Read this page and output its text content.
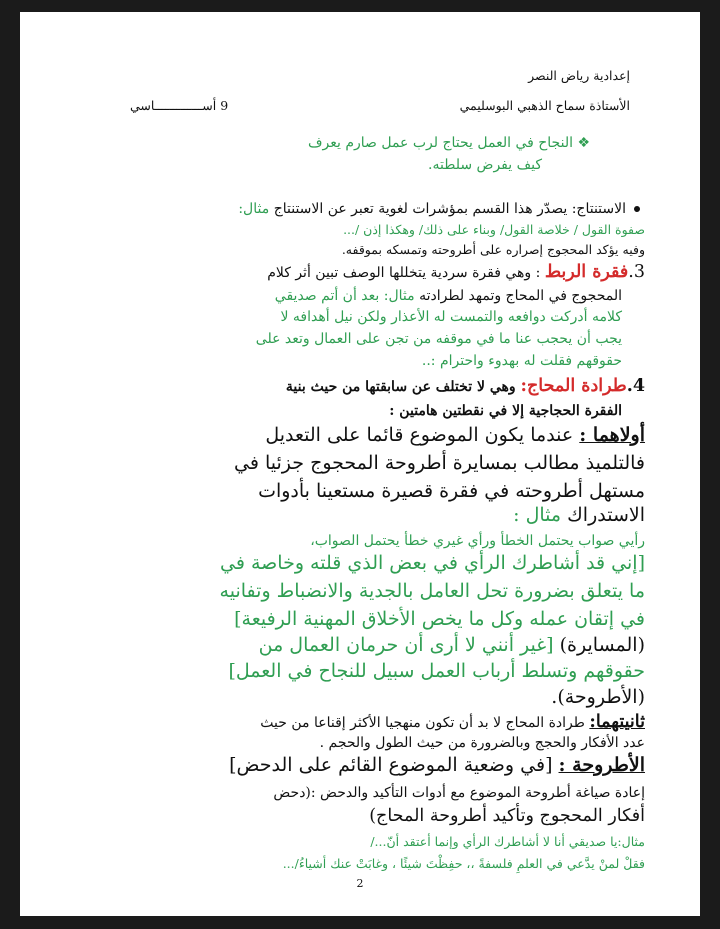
إعدادية رياض النصر
الأستاذة سماح الذهبي البوسليمي
9 أســـــــــــــاسي

❖ النجاح في العمل يحتاج لرب عمل صارم يعرف

كيف يفرض سلطته.

الاستنتاج: يصدّر هذا القسم بمؤشرات لغوية تعبر عن الاستنتاج مثال:

صفوة القول / خلاصة القول/ وبناء على ذلك/ وهكذا إذن /...

وفيه يؤكد المحجوج إصراره على أطروحته وتمسكه بموقفه.

3.فقرة الربط : وهي فقرة سردية يتخللها الوصف تبين أثر كلام

المحجوج في المحاج وتمهد لطرادته مثال: بعد أن أتم صديقي

كلامه أدركت دوافعه والتمست له الأعذار ولكن نيل أهدافه لا

يجب أن يحجب عنا ما في موقفه من تجن على العمال وتعد على

حقوقهم فقلت له بهدوء واحترام :..

4.طرادة المحاج: وهي لا تختلف عن سابقتها من حيث بنية

الفقرة الحجاجية إلا في نقطتين هامتين :

أولاهما : عندما يكون الموضوع قائما على التعديل

فالتلميذ مطالب بمسايرة أطروحة المحجوج جزئيا في

مستهل أطروحته في فقرة قصيرة مستعينا بأدوات

الاستدراك مثال :

رأيي صواب يحتمل الخطأ ورأي غيري خطأ يحتمل الصواب،

[إني قد أشاطرك الرأي في بعض الذي قلته وخاصة في

ما يتعلق بضرورة تحل العامل بالجدية والانضباط وتفانيه

في إتقان عمله وكل ما يخص الأخلاق المهنية الرفيعة]

(المسايرة) [غير أنني لا أرى أن حرمان العمال من

حقوقهم وتسلط أرباب العمل سبيل للنجاح في العمل]

(الأطروحة).

ثانيتهما: طرادة المحاج لا بد أن تكون منهجيا الأكثر إقناعا من حيث

عدد الأفكار والحجج وبالضرورة من حيث الطول والحجم .

الأطروحة : [في وضعية الموضوع القائم على الدحض]

إعادة صياغة أطروحة الموضوع مع أدوات التأكيد والدحض :(دحض

أفكار المحجوج وتأكيد أطروحة المحاج)

مثال:يا صديقي أنا لا أشاطرك الرأي وإنما أعتقد أنّ.../

فقلْ لمنْ يدَّعي في العلمِ فلسفةً ،، حفِظْتَ شيئًا ، وغابَتْ عنك أشياءُ/...

2
